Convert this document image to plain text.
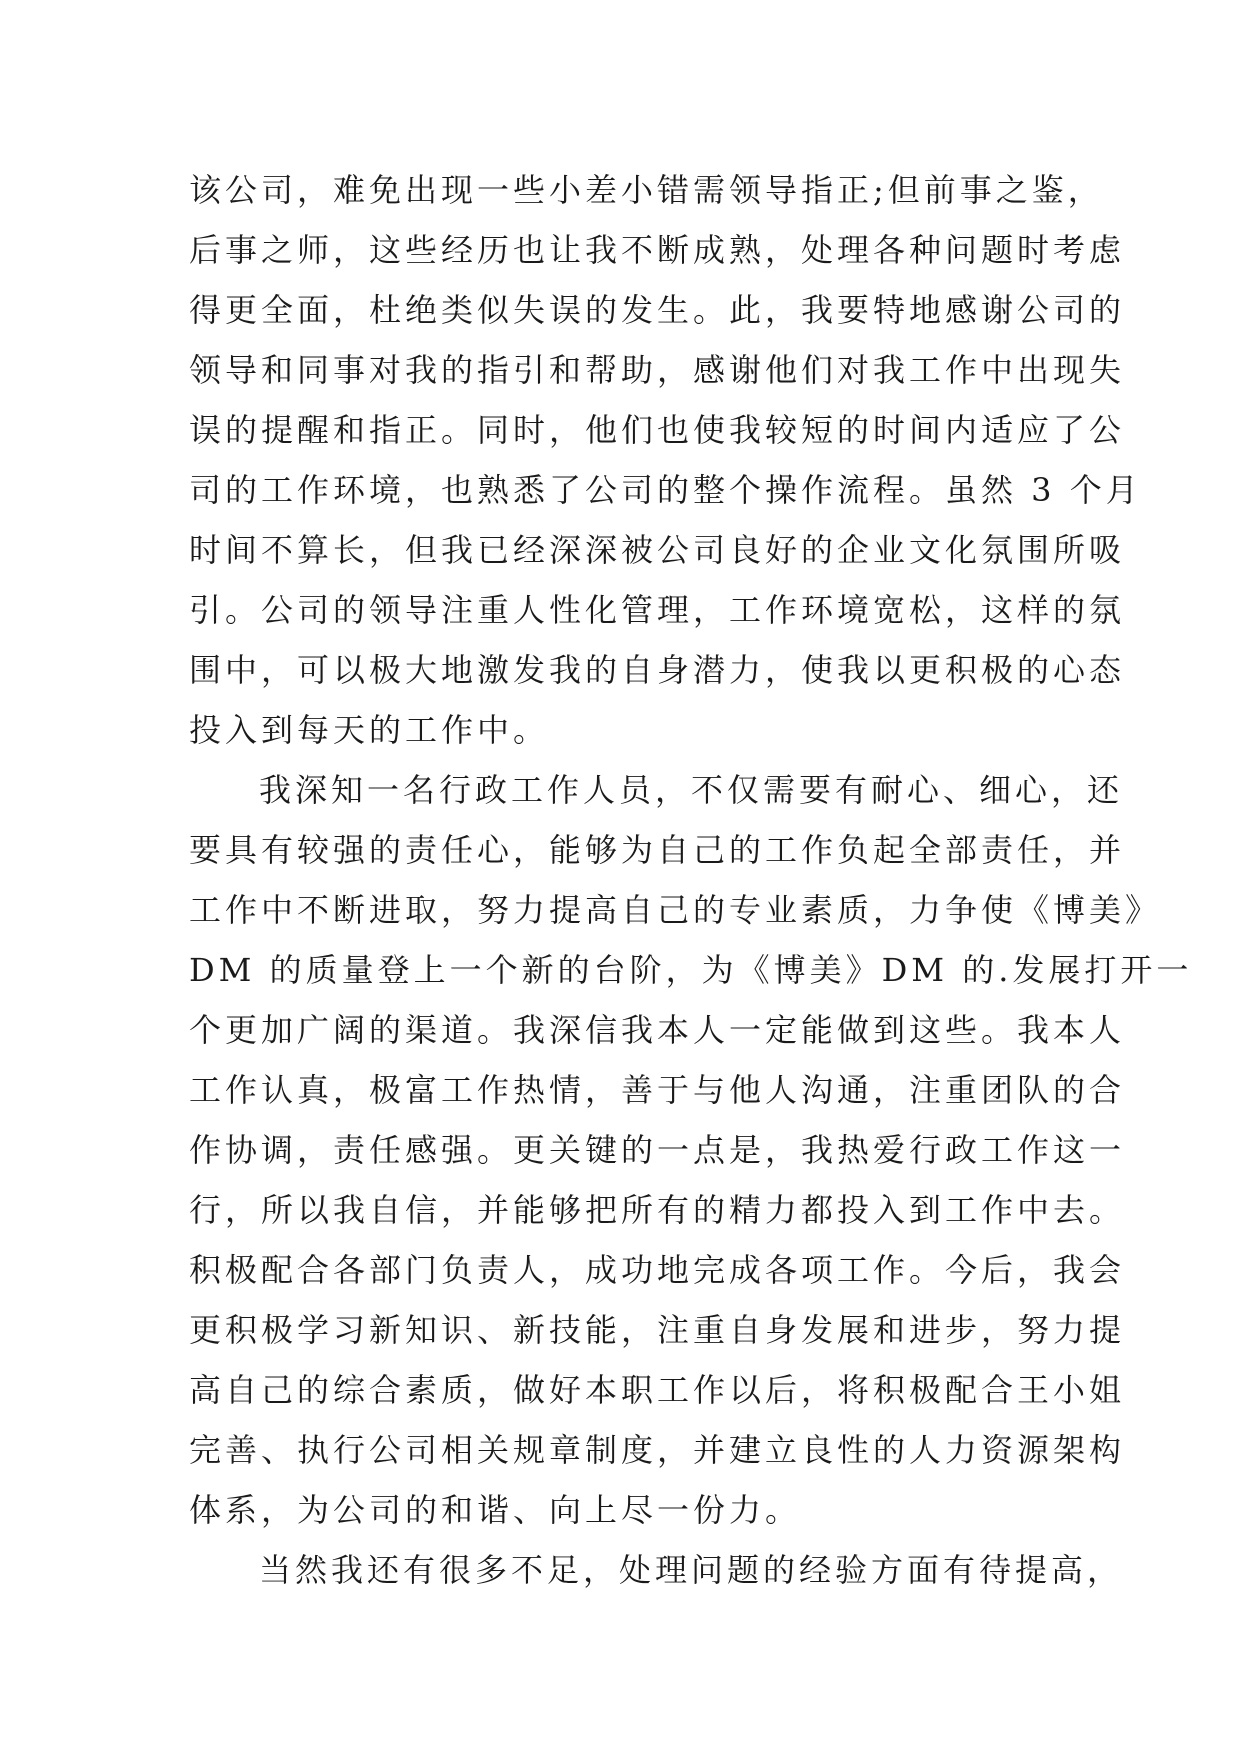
该公司，难免出现一些小差小错需领导指正;但前事之鉴，
后事之师，这些经历也让我不断成熟，处理各种问题时考虑
得更全面，杜绝类似失误的发生。此，我要特地感谢公司的
领导和同事对我的指引和帮助，感谢他们对我工作中出现失
误的提醒和指正。同时，他们也使我较短的时间内适应了公
司的工作环境，也熟悉了公司的整个操作流程。虽然 3 个月
时间不算长，但我已经深深被公司良好的企业文化氛围所吸
引。公司的领导注重人性化管理，工作环境宽松，这样的氛
围中，可以极大地激发我的自身潜力，使我以更积极的心态
投入到每天的工作中。
我深知一名行政工作人员，不仅需要有耐心、细心，还
要具有较强的责任心，能够为自己的工作负起全部责任，并
工作中不断进取，努力提高自己的专业素质，力争使《博美》
DM 的质量登上一个新的台阶，为《博美》DM 的.发展打开一
个更加广阔的渠道。我深信我本人一定能做到这些。我本人
工作认真，极富工作热情，善于与他人沟通，注重团队的合
作协调，责任感强。更关键的一点是，我热爱行政工作这一
行，所以我自信，并能够把所有的精力都投入到工作中去。
积极配合各部门负责人，成功地完成各项工作。今后，我会
更积极学习新知识、新技能，注重自身发展和进步，努力提
高自己的综合素质，做好本职工作以后，将积极配合王小姐
完善、执行公司相关规章制度，并建立良性的人力资源架构
体系，为公司的和谐、向上尽一份力。
当然我还有很多不足，处理问题的经验方面有待提高，
